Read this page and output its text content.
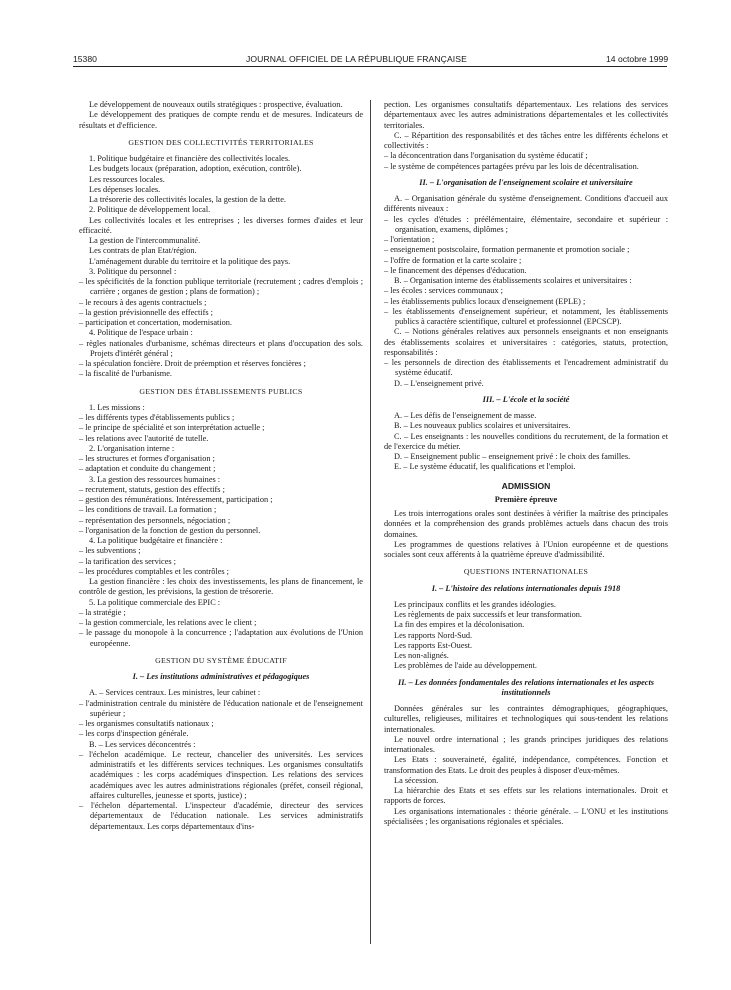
15380	JOURNAL OFFICIEL DE LA RÉPUBLIQUE FRANÇAISE	14 octobre 1999

Le développement de nouveaux outils stratégiques : prospective, évaluation.

Le développement des pratiques de compte rendu et de mesures. Indicateurs de résultats et d'efficience.

GESTION DES COLLECTIVITÉS TERRITORIALES

1. Politique budgétaire et financière des collectivités locales.

Les budgets locaux (préparation, adoption, exécution, contrôle).

Les ressources locales.

Les dépenses locales.

La trésorerie des collectivités locales, la gestion de la dette.

2. Politique de développement local.

Les collectivités locales et les entreprises ; les diverses formes d'aides et leur efficacité.

La gestion de l'intercommunalité.

Les contrats de plan Etat/région.

L'aménagement durable du territoire et la politique des pays.

3. Politique du personnel :

– les spécificités de la fonction publique territoriale (recrutement ; cadres d'emplois ; carrière ; organes de gestion ; plans de formation) ;

– le recours à des agents contractuels ;

– la gestion prévisionnelle des effectifs ;

– participation et concertation, modernisation.

4. Politique de l'espace urbain :

– règles nationales d'urbanisme, schémas directeurs et plans d'occupation des sols. Projets d'intérêt général ;

– la spéculation foncière. Droit de préemption et réserves foncières ;

– la fiscalité de l'urbanisme.

GESTION DES ÉTABLISSEMENTS PUBLICS

1. Les missions :

– les différents types d'établissements publics ;

– le principe de spécialité et son interprétation actuelle ;

– les relations avec l'autorité de tutelle.

2. L'organisation interne :

– les structures et formes d'organisation ;

– adaptation et conduite du changement ;

3. La gestion des ressources humaines :

– recrutement, statuts, gestion des effectifs ;

– gestion des rémunérations. Intéressement, participation ;

– les conditions de travail. La formation ;

– représentation des personnels, négociation ;

– l'organisation de la fonction de gestion du personnel.

4. La politique budgétaire et financière :

– les subventions ;

– la tarification des services ;

– les procédures comptables et les contrôles ;

La gestion financière : les choix des investissements, les plans de financement, le contrôle de gestion, les prévisions, la gestion de trésorerie.

5. La politique commerciale des EPIC :

– la stratégie ;

– la gestion commerciale, les relations avec le client ;

– le passage du monopole à la concurrence ; l'adaptation aux évolutions de l'Union européenne.

GESTION DU SYSTÈME ÉDUCATIF

I. – Les institutions administratives et pédagogiques

A. – Services centraux. Les ministres, leur cabinet :

– l'administration centrale du ministère de l'éducation nationale et de l'enseignement supérieur ;

– les organismes consultatifs nationaux ;

– les corps d'inspection générale.

B. – Les services déconcentrés :

– l'échelon académique. Le recteur, chancelier des universités. Les services administratifs et les différents services techniques. Les organismes consultatifs académiques : les corps académiques d'inspection. Les relations des services académiques avec les autres administrations régionales (préfet, conseil régional, affaires culturelles, jeunesse et sports, justice) ;

– l'échelon départemental. L'inspecteur d'académie, directeur des services départementaux de l'éducation nationale. Les services administratifs départementaux. Les corps départementaux d'ins-

pection. Les organismes consultatifs départementaux. Les relations des services départementaux avec les autres administrations départementales et les collectivités territoriales.

C. – Répartition des responsabilités et des tâches entre les différents échelons et collectivités :

– la déconcentration dans l'organisation du système éducatif ;

– le système de compétences partagées prévu par les lois de décentralisation.

II. – L'organisation de l'enseignement scolaire et universitaire

A. – Organisation générale du système d'enseignement. Conditions d'accueil aux différents niveaux :

– les cycles d'études : préélémentaire, élémentaire, secondaire et supérieur : organisation, examens, diplômes ;

– l'orientation ;

– enseignement postscolaire, formation permanente et promotion sociale ;

– l'offre de formation et la carte scolaire ;

– le financement des dépenses d'éducation.

B. – Organisation interne des établissements scolaires et universitaires :

– les écoles : services communaux ;

– les établissements publics locaux d'enseignement (EPLE) ;

– les établissements d'enseignement supérieur, et notamment, les établissements publics à caractère scientifique, culturel et professionnel (EPCSCP).

C. – Notions générales relatives aux personnels enseignants et non enseignants des établissements scolaires et universitaires : catégories, statuts, protection, responsabilités :

– les personnels de direction des établissements et l'encadrement administratif du système éducatif.

D. – L'enseignement privé.

III. – L'école et la société

A. – Les défis de l'enseignement de masse.

B. – Les nouveaux publics scolaires et universitaires.

C. – Les enseignants : les nouvelles conditions du recrutement, de la formation et de l'exercice du métier.

D. – Enseignement public – enseignement privé : le choix des familles.

E. – Le système éducatif, les qualifications et l'emploi.

ADMISSION

Première épreuve

Les trois interrogations orales sont destinées à vérifier la maîtrise des principales données et la compréhension des grands problèmes actuels dans chacun des trois domaines.

Les programmes de questions relatives à l'Union européenne et de questions sociales sont ceux afférents à la quatrième épreuve d'admissibilité.

QUESTIONS INTERNATIONALES

I. – L'histoire des relations internationales depuis 1918

Les principaux conflits et les grandes idéologies.

Les règlements de paix successifs et leur transformation.

La fin des empires et la décolonisation.

Les rapports Nord-Sud.

Les rapports Est-Ouest.

Les non-alignés.

Les problèmes de l'aide au développement.

II. – Les données fondamentales des relations internationales et les aspects institutionnels

Données générales sur les contraintes démographiques, géographiques, culturelles, religieuses, militaires et technologiques qui sous-tendent les relations internationales.

Le nouvel ordre international ; les grands principes juridiques des relations internationales.

Les Etats : souveraineté, égalité, indépendance, compétences. Fonction et transformation des Etats. Le droit des peuples à disposer d'eux-mêmes.

La sécession.

La hiérarchie des Etats et ses effets sur les relations internationales. Droit et rapports de forces.

Les organisations internationales : théorie générale. – L'ONU et les institutions spécialisées ; les organisations régionales et spéciales.
